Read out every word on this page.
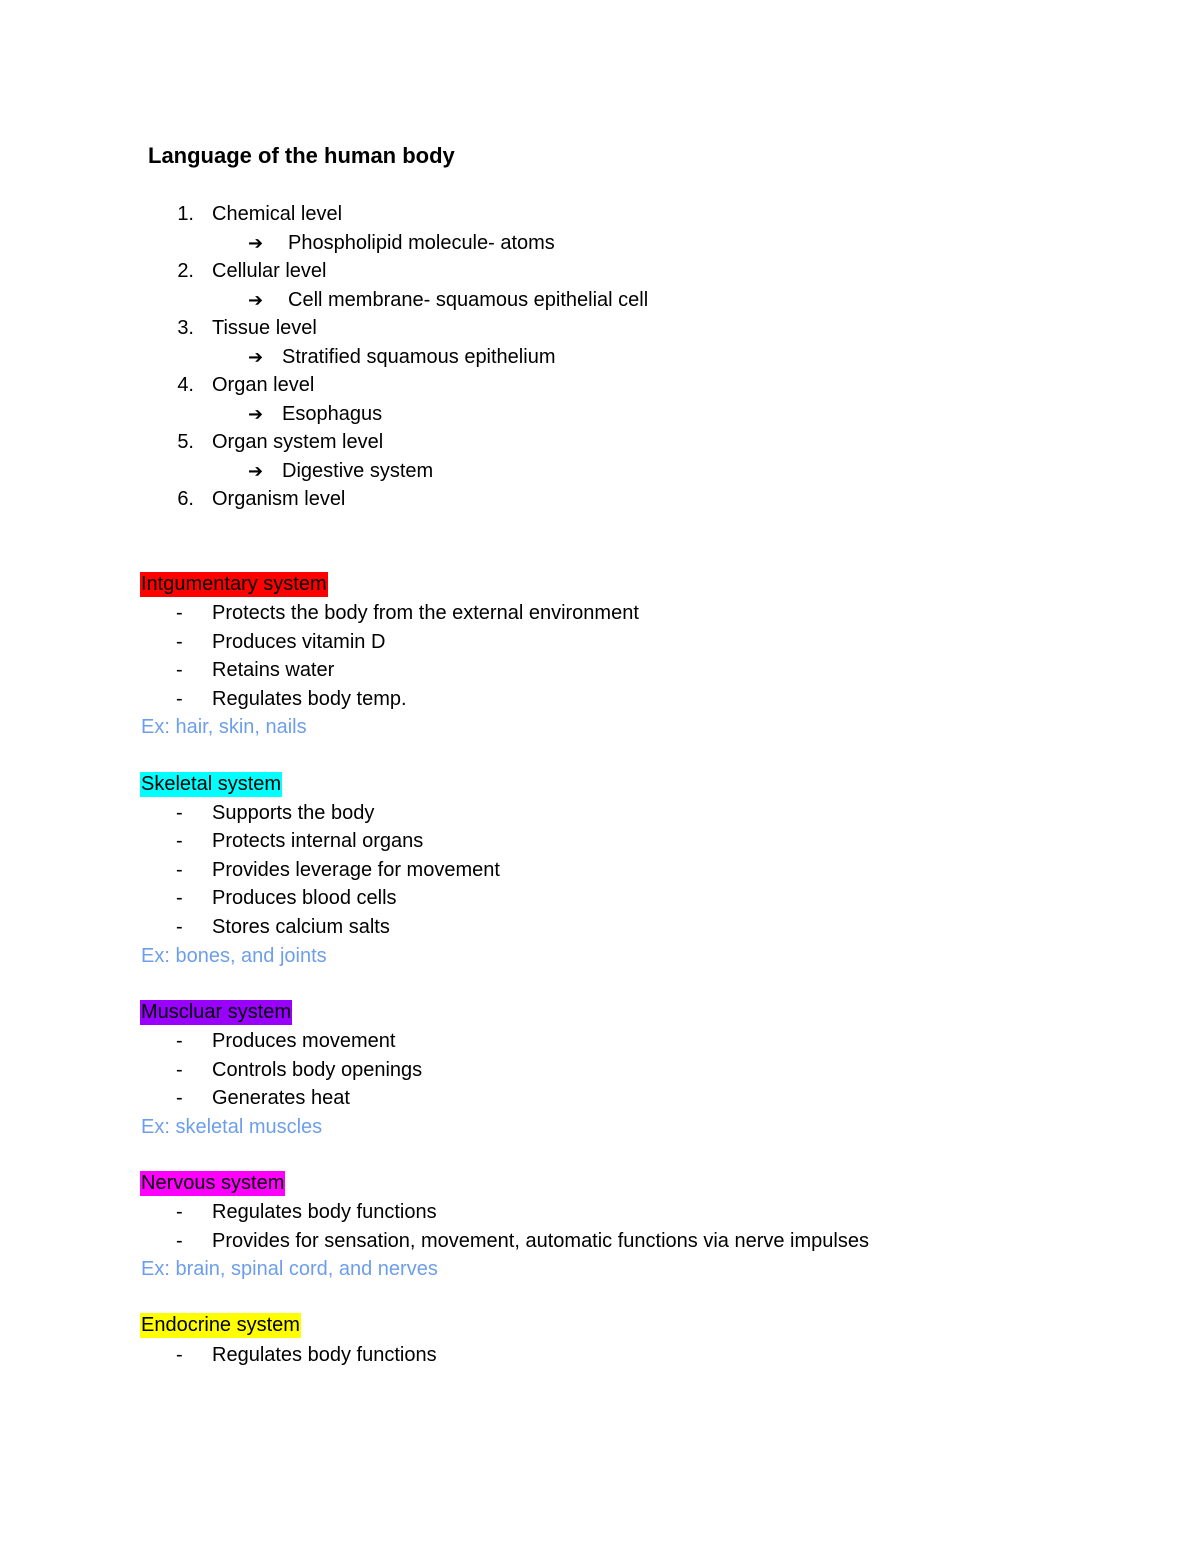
Language of the human body
1. Chemical level
➔ Phospholipid molecule- atoms
2. Cellular level
➔ Cell membrane- squamous epithelial cell
3. Tissue level
➔ Stratified squamous epithelium
4. Organ level
➔ Esophagus
5. Organ system level
➔ Digestive system
6. Organism level
Intgumentary system
- Protects the body from the external environment
- Produces vitamin D
- Retains water
- Regulates body temp.
Ex: hair, skin, nails
Skeletal system
- Supports the body
- Protects internal organs
- Provides leverage for movement
- Produces blood cells
- Stores calcium salts
Ex: bones, and joints
Muscluar system
- Produces movement
- Controls body openings
- Generates heat
Ex: skeletal muscles
Nervous system
- Regulates body functions
- Provides for sensation, movement, automatic functions via nerve impulses
Ex: brain, spinal cord, and nerves
Endocrine system
- Regulates body functions
